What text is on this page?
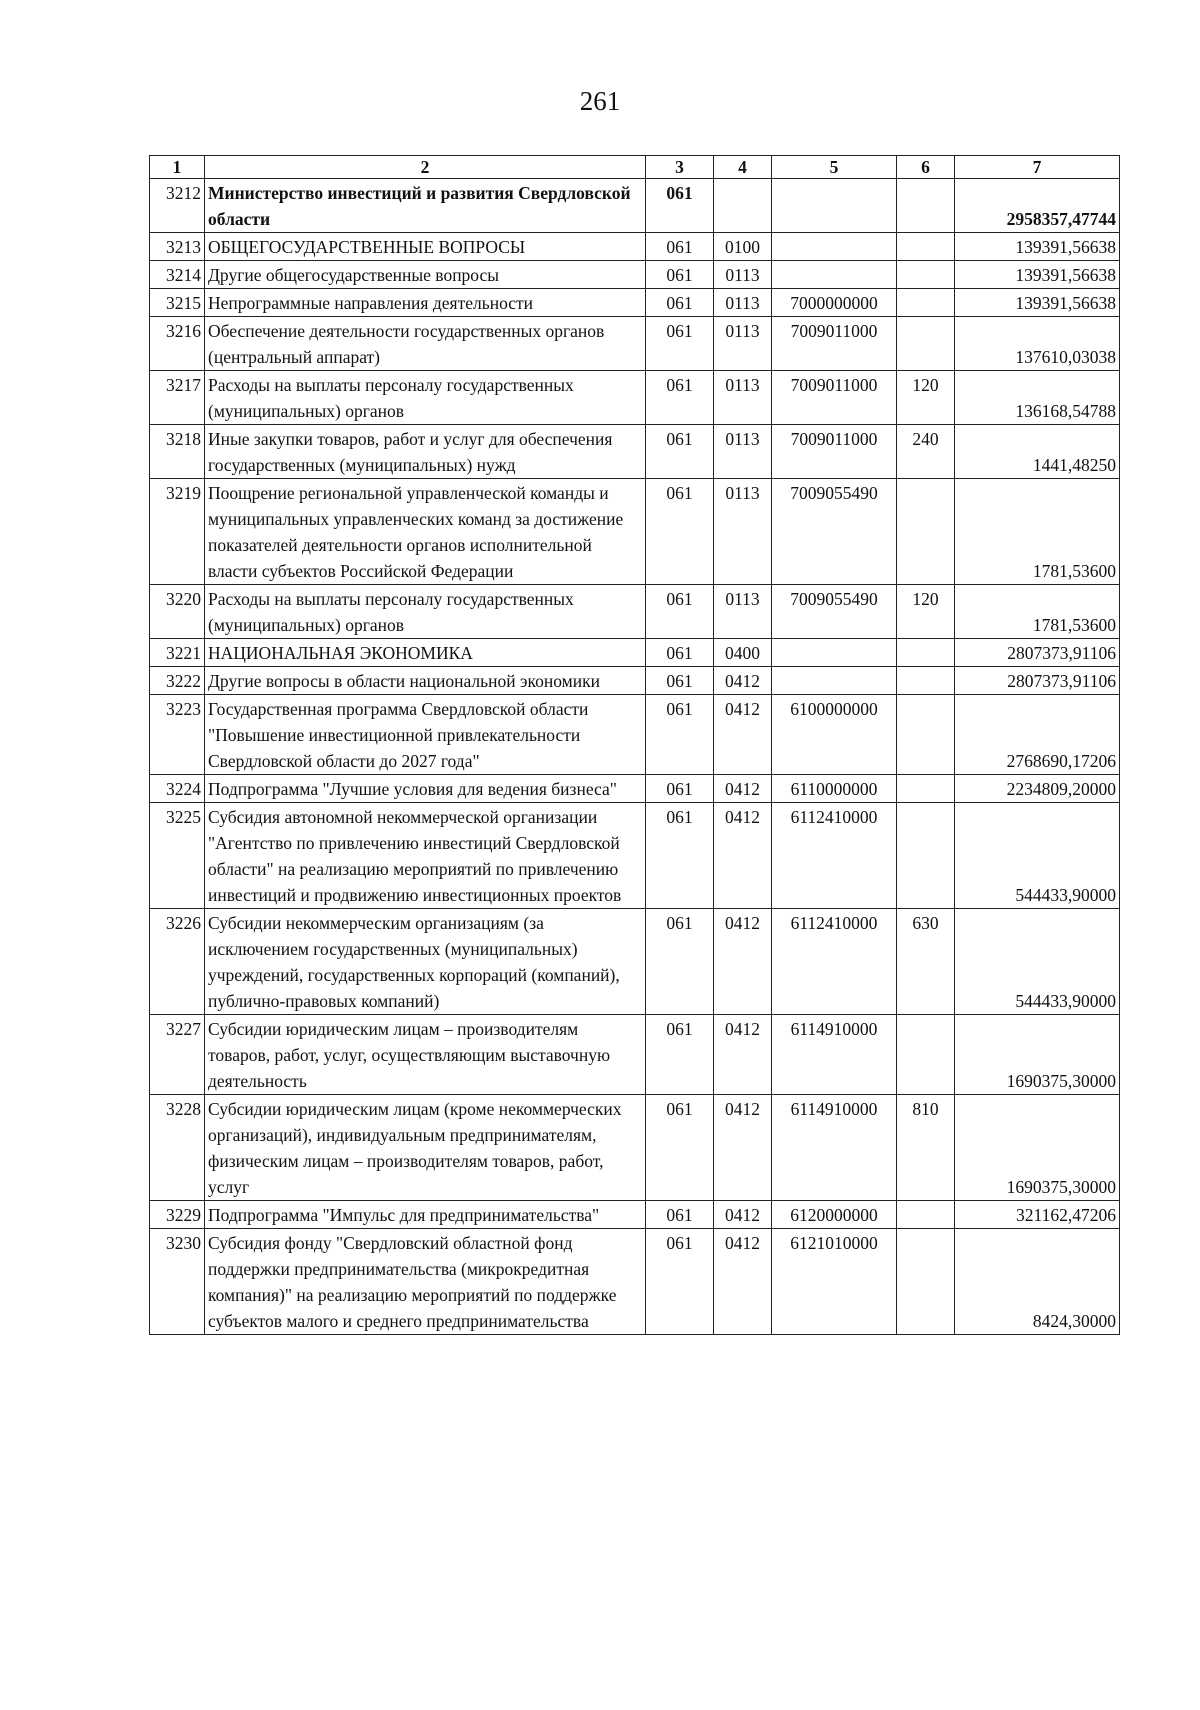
261
1	2	3	4	5	6	7
3212	Министерство инвестиций и развития Свердловской области	061				2958357,47744
3213	ОБЩЕГОСУДАРСТВЕННЫЕ ВОПРОСЫ	061	0100			139391,56638
3214	Другие общегосударственные вопросы	061	0113			139391,56638
3215	Непрограммные направления деятельности	061	0113	7000000000		139391,56638
3216	Обеспечение деятельности государственных органов (центральный аппарат)	061	0113	7009011000		137610,03038
3217	Расходы на выплаты персоналу государственных (муниципальных) органов	061	0113	7009011000	120	136168,54788
3218	Иные закупки товаров, работ и услуг для обеспечения государственных (муниципальных) нужд	061	0113	7009011000	240	1441,48250
3219	Поощрение региональной управленческой команды и муниципальных управленческих команд за достижение показателей деятельности органов исполнительной власти субъектов Российской Федерации	061	0113	7009055490		1781,53600
3220	Расходы на выплаты персоналу государственных (муниципальных) органов	061	0113	7009055490	120	1781,53600
3221	НАЦИОНАЛЬНАЯ ЭКОНОМИКА	061	0400			2807373,91106
3222	Другие вопросы в области национальной экономики	061	0412			2807373,91106
3223	Государственная программа Свердловской области "Повышение инвестиционной привлекательности Свердловской области до 2027 года"	061	0412	6100000000		2768690,17206
3224	Подпрограмма "Лучшие условия для ведения бизнеса"	061	0412	6110000000		2234809,20000
3225	Субсидия автономной некоммерческой организации "Агентство по привлечению инвестиций Свердловской области" на реализацию мероприятий по привлечению инвестиций и продвижению инвестиционных проектов	061	0412	6112410000		544433,90000
3226	Субсидии некоммерческим организациям (за исключением государственных (муниципальных) учреждений, государственных корпораций (компаний), публично-правовых компаний)	061	0412	6112410000	630	544433,90000
3227	Субсидии юридическим лицам – производителям товаров, работ, услуг, осуществляющим выставочную деятельность	061	0412	6114910000		1690375,30000
3228	Субсидии юридическим лицам (кроме некоммерческих организаций), индивидуальным предпринимателям, физическим лицам – производителям товаров, работ, услуг	061	0412	6114910000	810	1690375,30000
3229	Подпрограмма "Импульс для предпринимательства"	061	0412	6120000000		321162,47206
3230	Субсидия фонду "Свердловский областной фонд поддержки предпринимательства (микрокредитная компания)" на реализацию мероприятий по поддержке субъектов малого и среднего предпринимательства	061	0412	6121010000		8424,30000
